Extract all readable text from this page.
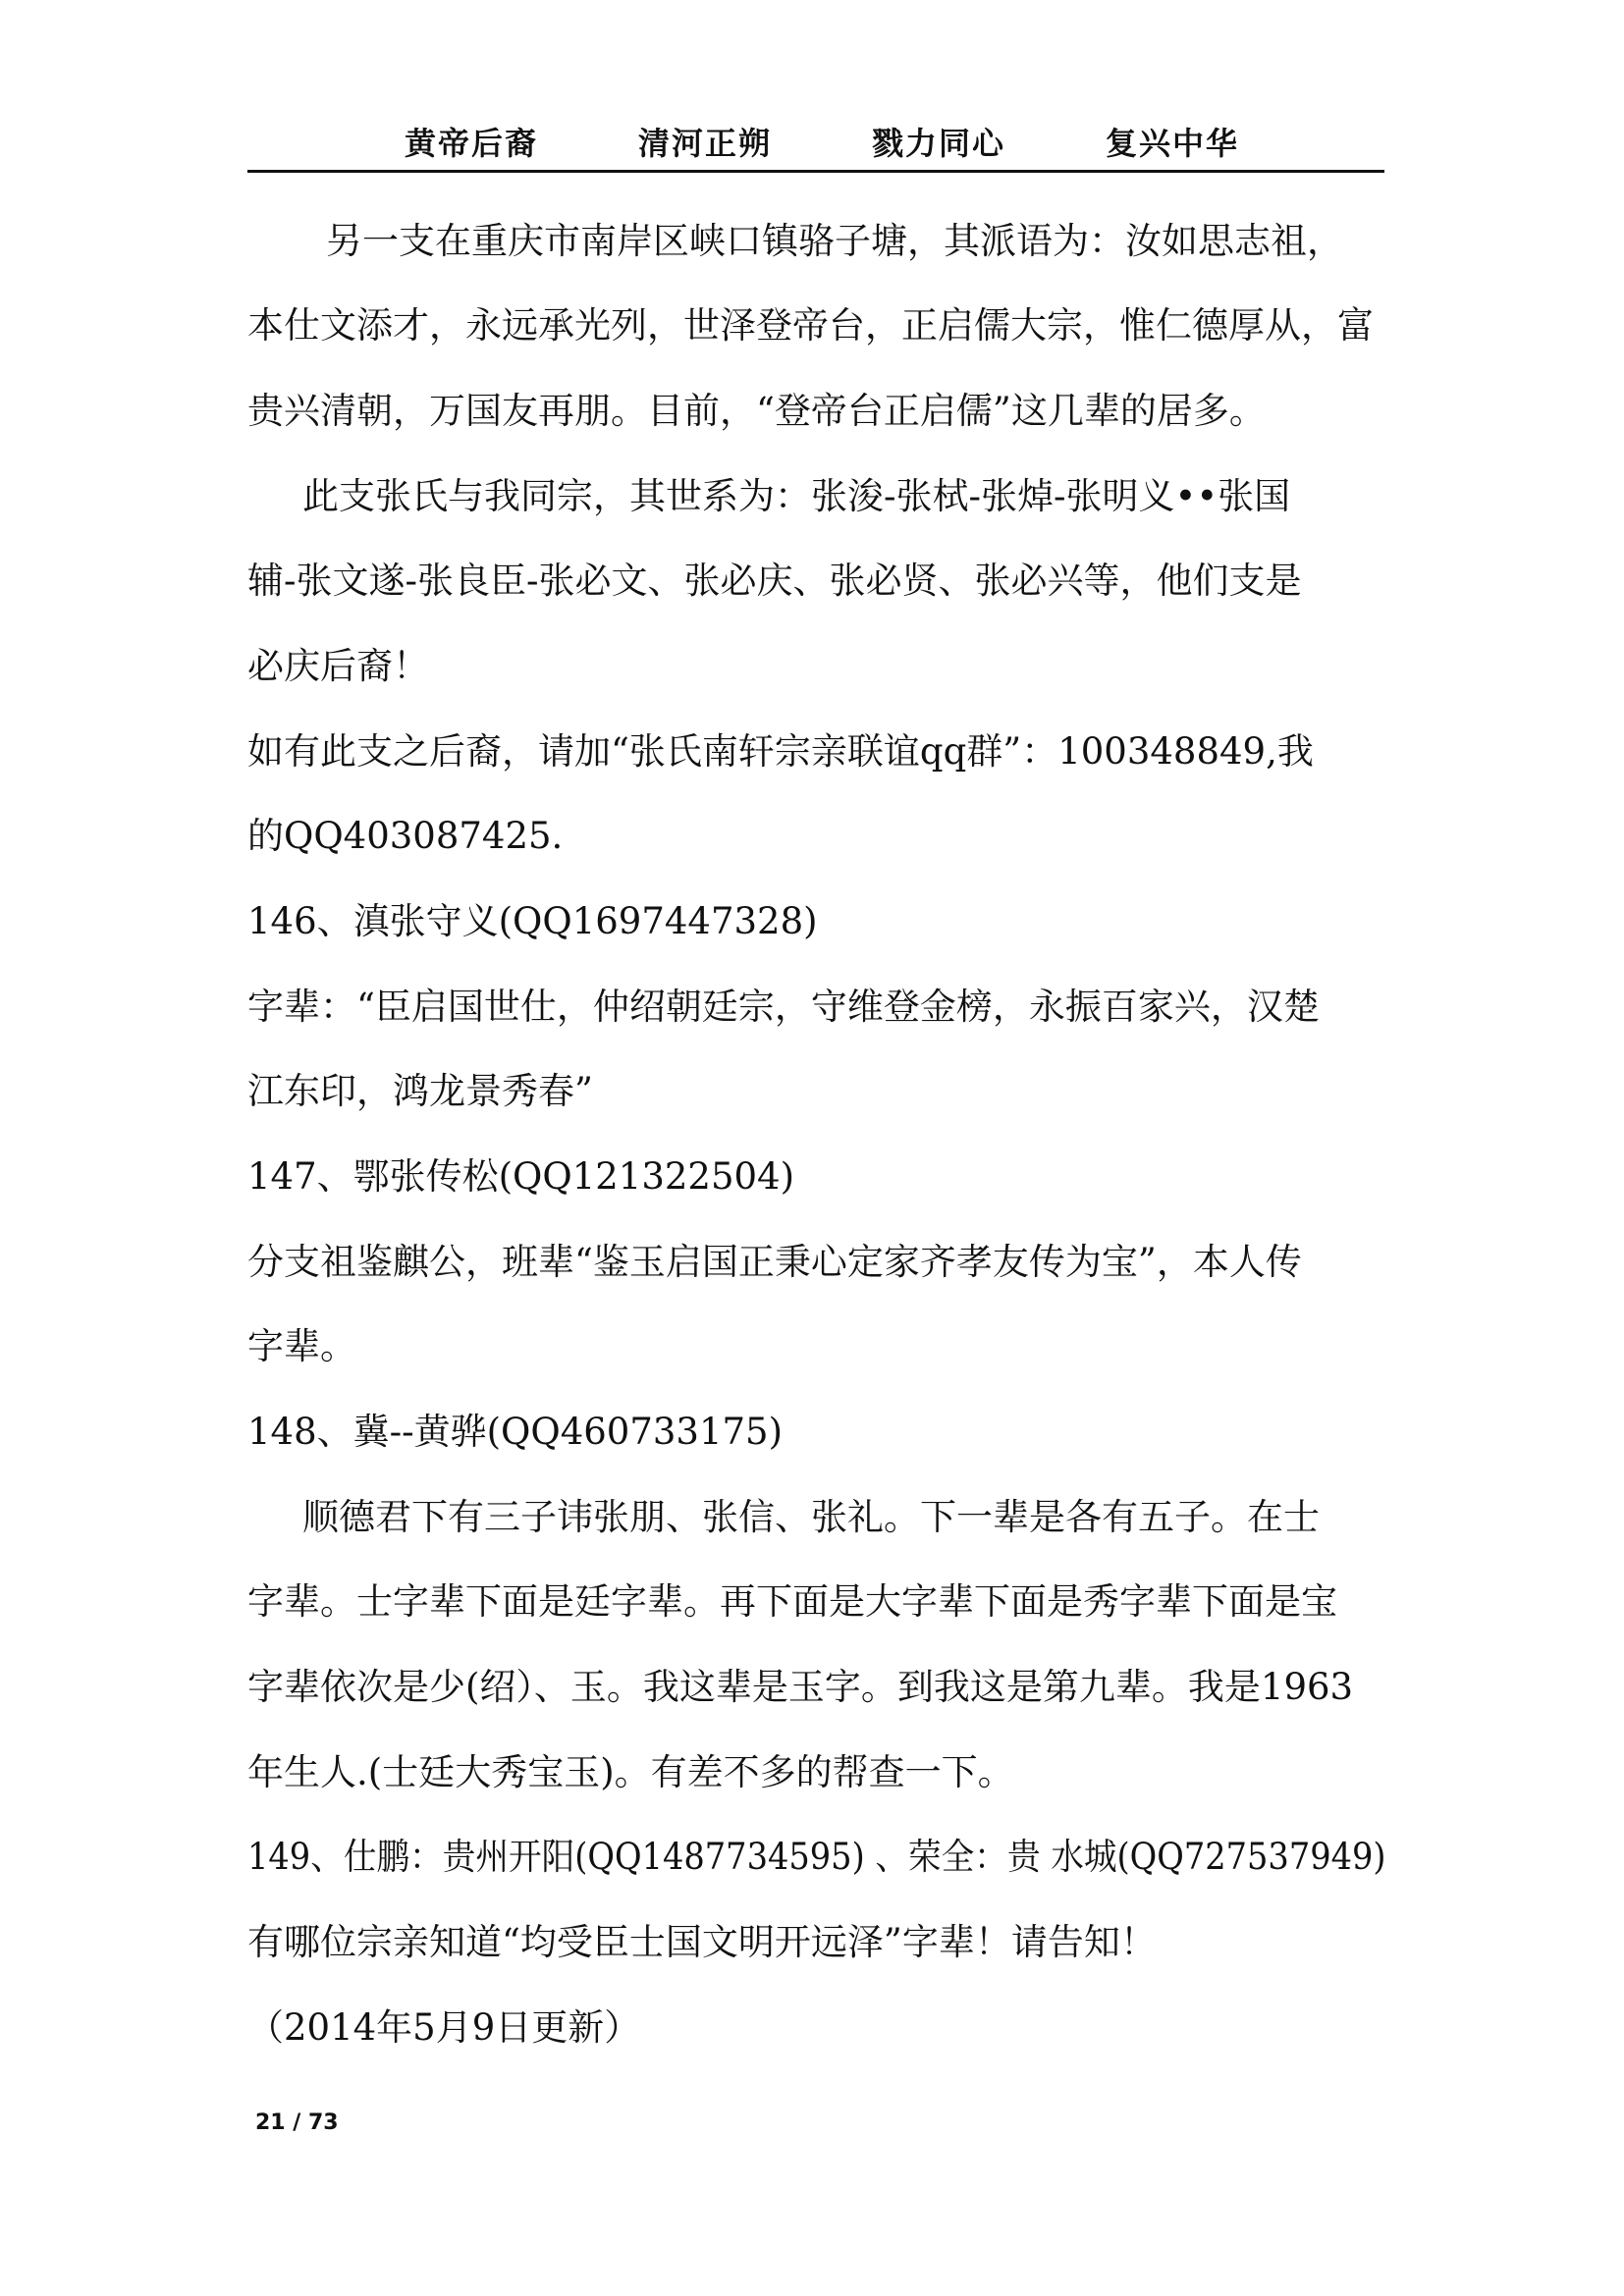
黄帝后裔	清河正朔	戮力同心	复兴中华
另一支在重庆市南岸区峡口镇骆子塘，其派语为：汝如思志祖，
本仕文添才，永远承光列，世泽登帝台，正启儒大宗，惟仁德厚从，富
贵兴清朝，万国友再朋。目前，“登帝台正启儒”这几辈的居多。
此支张氏与我同宗，其世系为：张浚-张栻-张焯-张明义••张国
辅-张文遂-张良臣-张必文、张必庆、张必贤、张必兴等，他们支是
必庆后裔！
如有此支之后裔，请加“张氏南轩宗亲联谊qq群”：100348849,我
的QQ403087425.
146、滇张守义(QQ1697447328)
字辈：“臣启国世仕，仲绍朝廷宗，守维登金榜，永振百家兴，汉楚
江东印，鸿龙景秀春”
147、鄂张传松(QQ121322504)
分支祖鉴麒公，班辈“鉴玉启国正秉心定家齐孝友传为宝”，本人传
字辈。
148、冀--黄骅(QQ460733175)
顺德君下有三子讳张朋、张信、张礼。下一辈是各有五子。在士
字辈。士字辈下面是廷字辈。再下面是大字辈下面是秀字辈下面是宝
字辈依次是少(绍）、玉。我这辈是玉字。到我这是第九辈。我是1963
年生人.(士廷大秀宝玉)。有差不多的帮查一下。
149、仕鹏：贵州开阳(QQ1487734595) 、荣全：贵 水城(QQ727537949)
有哪位宗亲知道“均受臣士国文明开远泽”字辈！请告知！
（2014年5月9日更新）
21 / 73
